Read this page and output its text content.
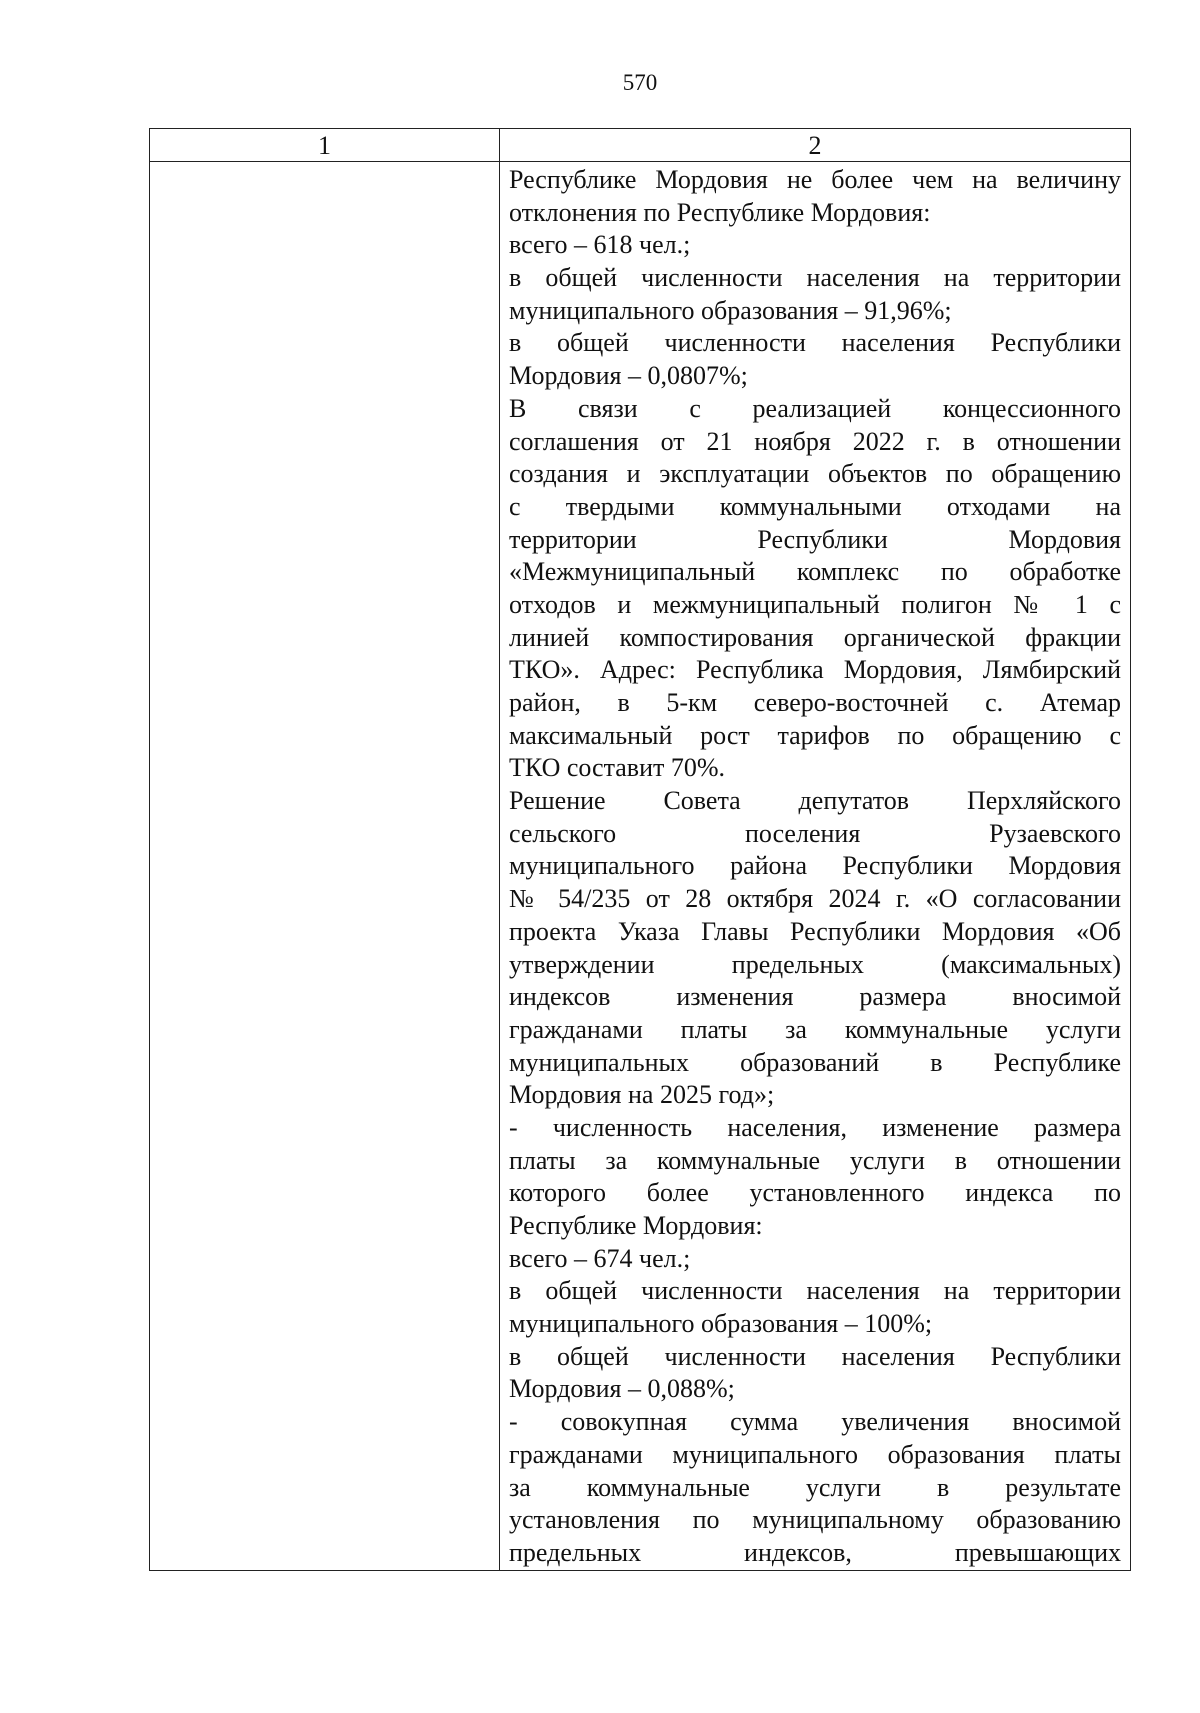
570
1	2
Республике Мордовия не более чем на величину
отклонения по Республике Мордовия:
всего – 618 чел.;
в общей численности населения на территории
муниципального образования – 91,96%;
в общей численности населения Республики
Мордовия – 0,0807%;
В связи с реализацией концессионного
соглашения от 21 ноября 2022 г. в отношении
создания и эксплуатации объектов по обращению
с твердыми коммунальными отходами на
территории Республики Мордовия
«Межмуниципальный комплекс по обработке
отходов и межмуниципальный полигон № 1 с
линией компостирования органической фракции
ТКО». Адрес: Республика Мордовия, Лямбирский
район, в 5-км северо-восточней с. Атемар
максимальный рост тарифов по обращению с
ТКО составит 70%.
Решение Совета депутатов Перхляйского
сельского поселения Рузаевского
муниципального района Республики Мордовия
№ 54/235 от 28 октября 2024 г. «О согласовании
проекта Указа Главы Республики Мордовия «Об
утверждении предельных (максимальных)
индексов изменения размера вносимой
гражданами платы за коммунальные услуги
муниципальных образований в Республике
Мордовия на 2025 год»;
- численность населения, изменение размера
платы за коммунальные услуги в отношении
которого более установленного индекса по
Республике Мордовия:
всего – 674 чел.;
в общей численности населения на территории
муниципального образования – 100%;
в общей численности населения Республики
Мордовия – 0,088%;
- совокупная сумма увеличения вносимой
гражданами муниципального образования платы
за коммунальные услуги в результате
установления по муниципальному образованию
предельных индексов, превышающих
